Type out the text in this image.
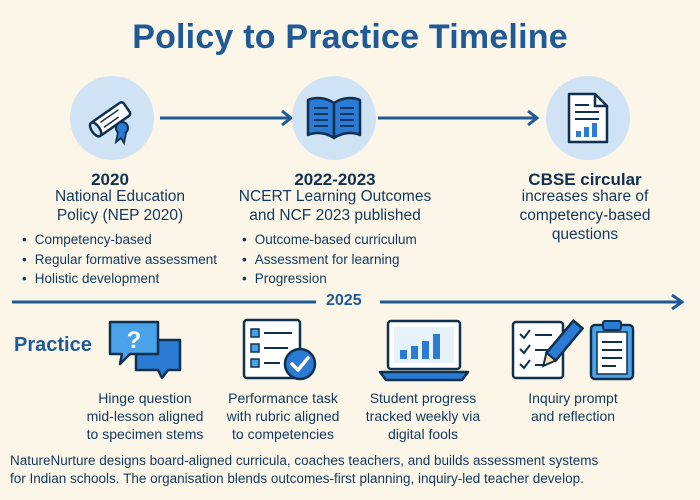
Policy to Practice Timeline
2020
National Education
Policy (NEP 2020)
• Competency-based
• Regular formative assessment
• Holistic development
2022-2023
NCERT Learning Outcomes
and NCF 2023 published
• Outcome-based curriculum
• Assessment for learning
• Progression
CBSE circular
increases share of
competency-based
questions
2025
Practice ?
Hinge question
mid-lesson aligned
to specimen stems
Performance task
with rubric aligned
to competencies
Student progress
tracked weekly via
digital fools
Inquiry prompt
and reflection
NatureNurture designs board-aligned curricula, coaches teachers, and builds assessment systems
for Indian schools. The organisation blends outcomes-first planning, inquiry-led teacher develop.
